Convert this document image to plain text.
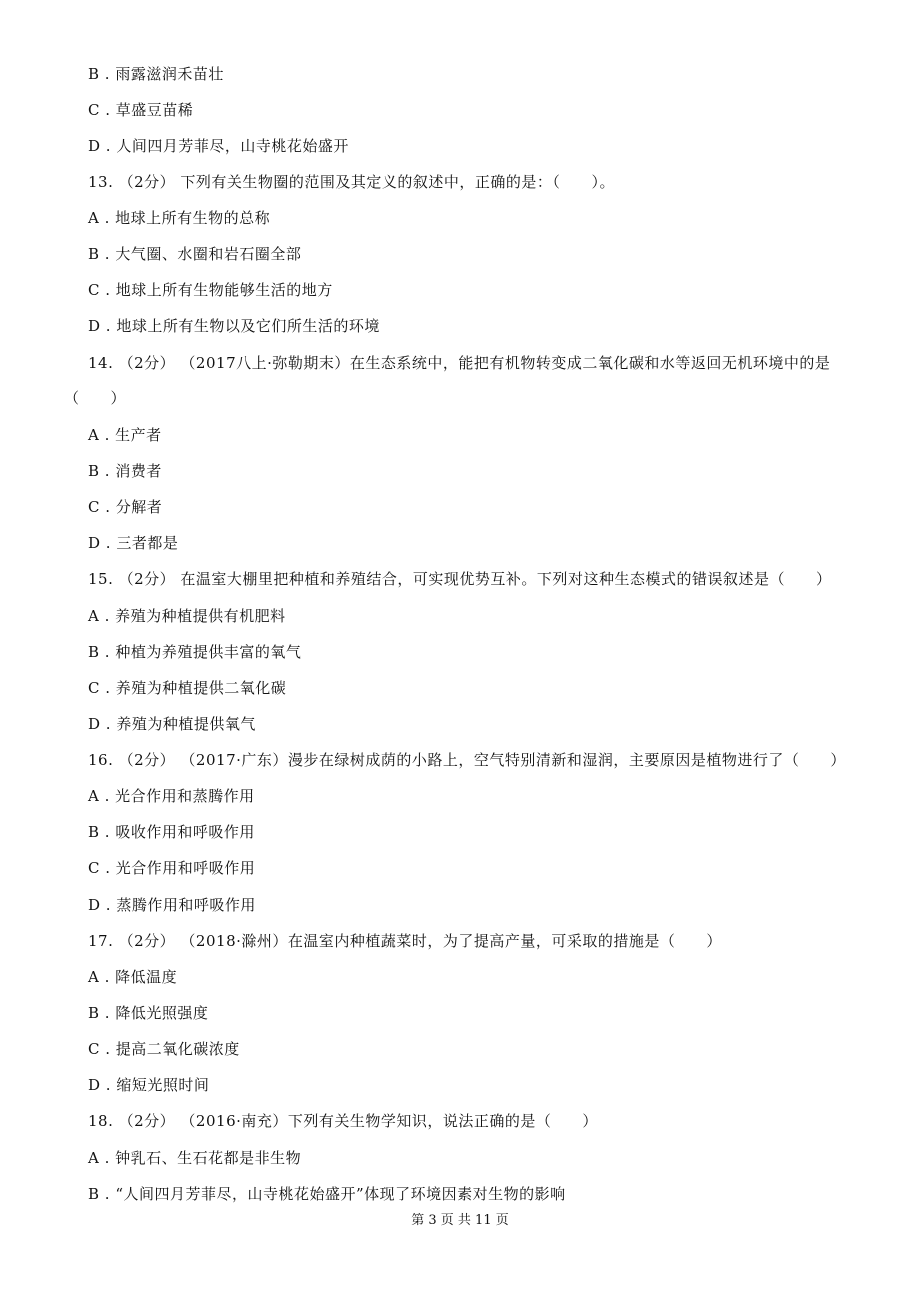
B . 雨露滋润禾苗壮
C . 草盛豆苗稀
D . 人间四月芳菲尽，山寺桃花始盛开
13. （2分） 下列有关生物圈的范围及其定义的叙述中，正确的是：（　　）。
A . 地球上所有生物的总称
B . 大气圈、水圈和岩石圈全部
C . 地球上所有生物能够生活的地方
D . 地球上所有生物以及它们所生活的环境
14. （2分） （2017八上·弥勒期末）在生态系统中，能把有机物转变成二氧化碳和水等返回无机环境中的是
（　　）
A . 生产者
B . 消费者
C . 分解者
D . 三者都是
15. （2分） 在温室大棚里把种植和养殖结合，可实现优势互补。下列对这种生态模式的错误叙述是（　　）
A . 养殖为种植提供有机肥料
B . 种植为养殖提供丰富的氧气
C . 养殖为种植提供二氧化碳
D . 养殖为种植提供氧气
16. （2分） （2017·广东）漫步在绿树成荫的小路上，空气特别清新和湿润，主要原因是植物进行了（　　）
A . 光合作用和蒸腾作用
B . 吸收作用和呼吸作用
C . 光合作用和呼吸作用
D . 蒸腾作用和呼吸作用
17. （2分） （2018·滁州）在温室内种植蔬菜时，为了提高产量，可采取的措施是（　　）
A . 降低温度
B . 降低光照强度
C . 提高二氧化碳浓度
D . 缩短光照时间
18. （2分） （2016·南充）下列有关生物学知识，说法正确的是（　　）
A . 钟乳石、生石花都是非生物
B . “人间四月芳菲尽，山寺桃花始盛开”体现了环境因素对生物的影响
第 3 页 共 11 页
